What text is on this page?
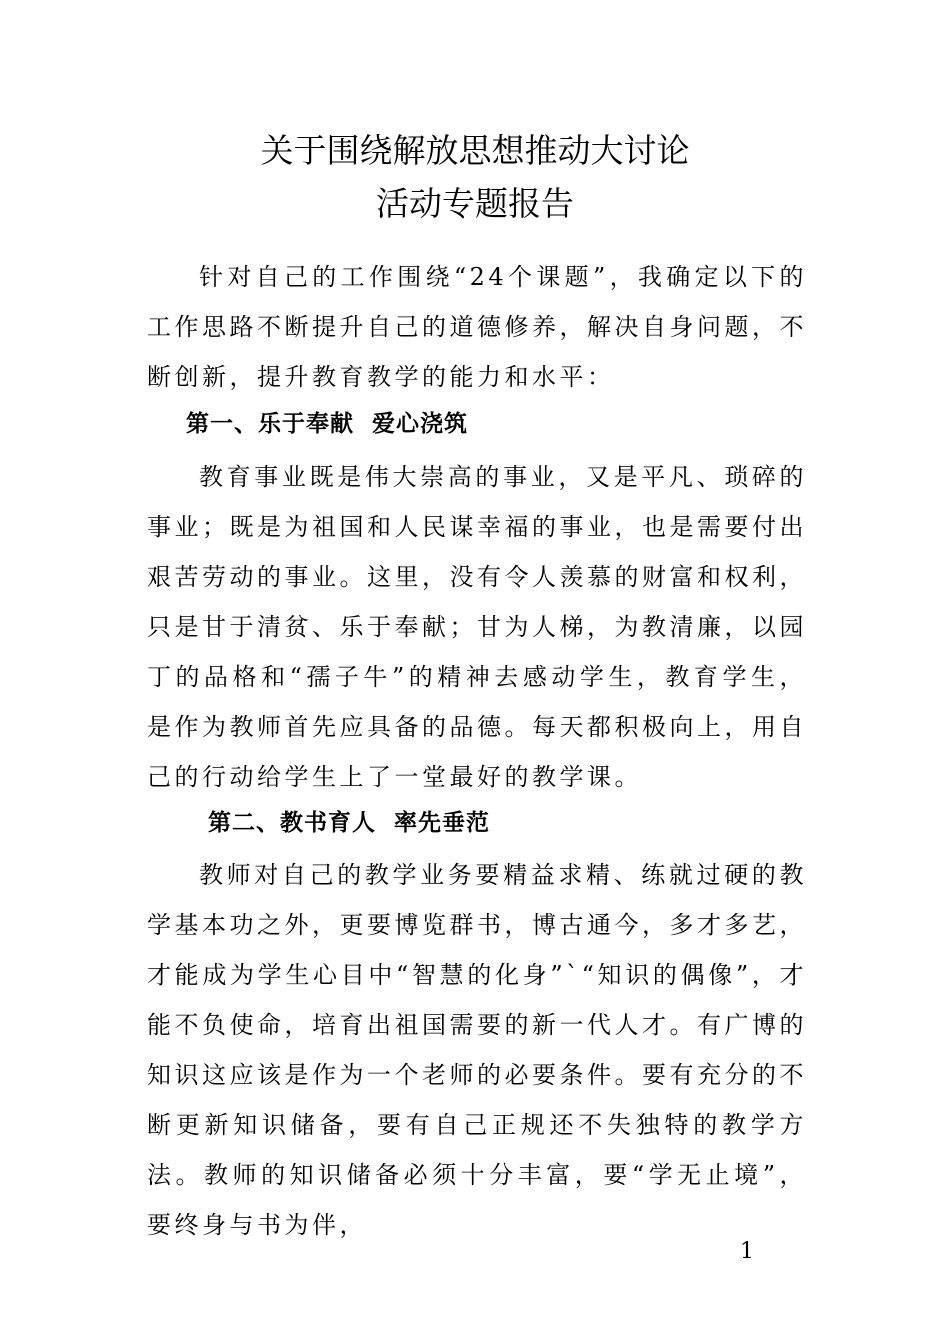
关于围绕解放思想推动大讨论
活动专题报告

针对自己的工作围绕“24个课题”，我确定以下的工作思路不断提升自己的道德修养，解决自身问题，不断创新，提升教育教学的能力和水平：

第一、乐于奉献  爱心浇筑

教育事业既是伟大崇高的事业，又是平凡、琐碎的事业；既是为祖国和人民谋幸福的事业，也是需要付出艰苦劳动的事业。这里，没有令人羡慕的财富和权利，只是甘于清贫、乐于奉献；甘为人梯，为教清廉，以园丁的品格和“孺子牛”的精神去感动学生，教育学生，是作为教师首先应具备的品德。每天都积极向上，用自己的行动给学生上了一堂最好的教学课。

第二、教书育人  率先垂范

教师对自己的教学业务要精益求精、练就过硬的教学基本功之外，更要博览群书，博古通今，多才多艺，才能成为学生心目中“智慧的化身”`“知识的偶像”，才能不负使命，培育出祖国需要的新一代人才。有广博的知识这应该是作为一个老师的必要条件。要有充分的不断更新知识储备，要有自己正规还不失独特的教学方法。教师的知识储备必须十分丰富，要“学无止境”，要终身与书为伴，

1
